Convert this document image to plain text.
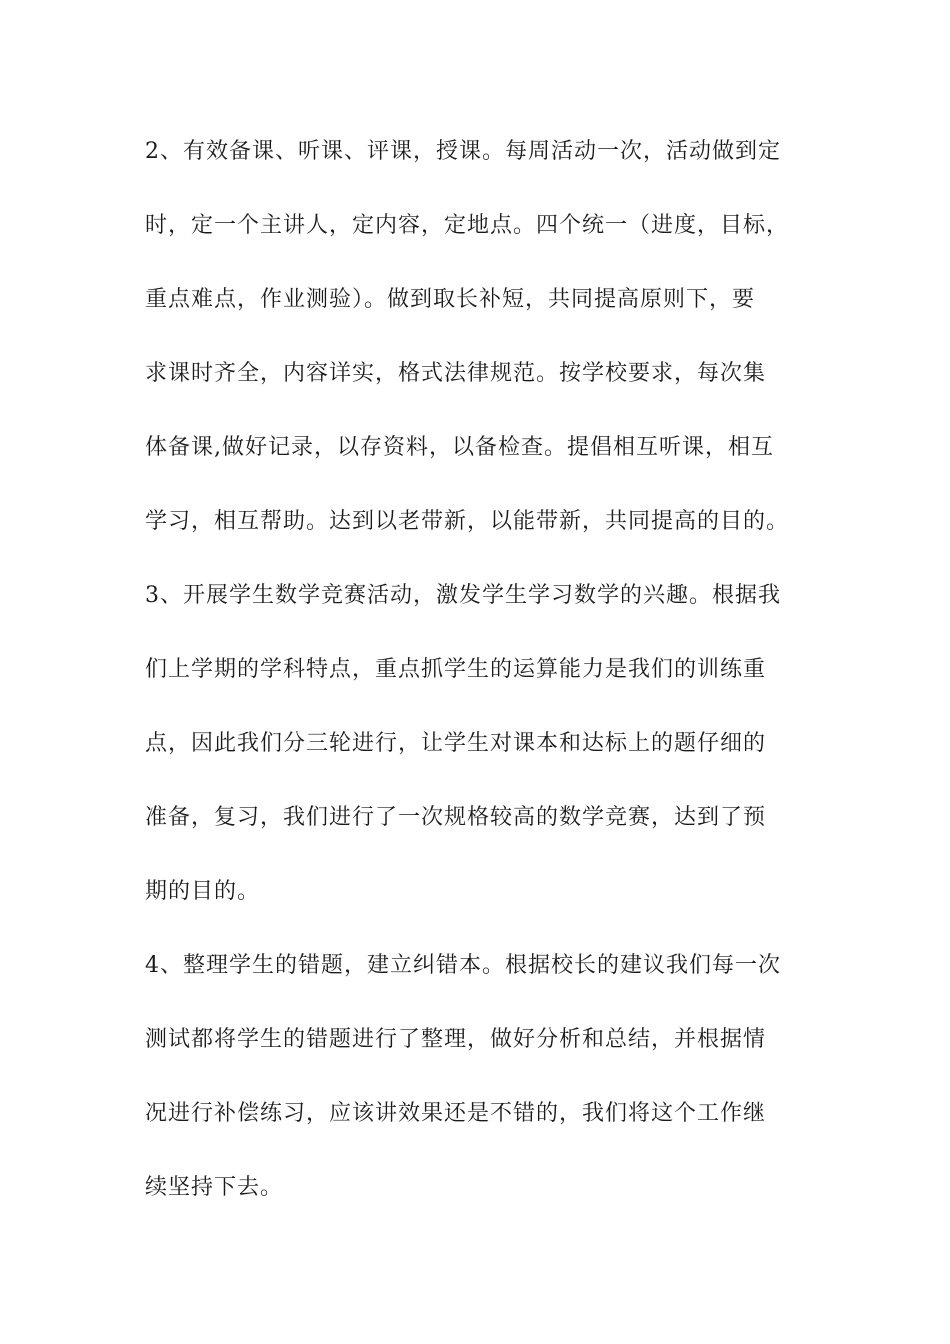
2、有效备课、听课、评课，授课。每周活动一次，活动做到定

时，定一个主讲人，定内容，定地点。四个统一（进度，目标，

重点难点，作业测验）。做到取长补短，共同提高原则下，要

求课时齐全，内容详实，格式法律规范。按学校要求，每次集

体备课,做好记录，以存资料，以备检查。提倡相互听课，相互

学习，相互帮助。达到以老带新，以能带新，共同提高的目的。

3、开展学生数学竞赛活动，激发学生学习数学的兴趣。根据我

们上学期的学科特点，重点抓学生的运算能力是我们的训练重

点，因此我们分三轮进行，让学生对课本和达标上的题仔细的

准备，复习，我们进行了一次规格较高的数学竞赛，达到了预

期的目的。

4、整理学生的错题，建立纠错本。根据校长的建议我们每一次

测试都将学生的错题进行了整理，做好分析和总结，并根据情

况进行补偿练习，应该讲效果还是不错的，我们将这个工作继

续坚持下去。
